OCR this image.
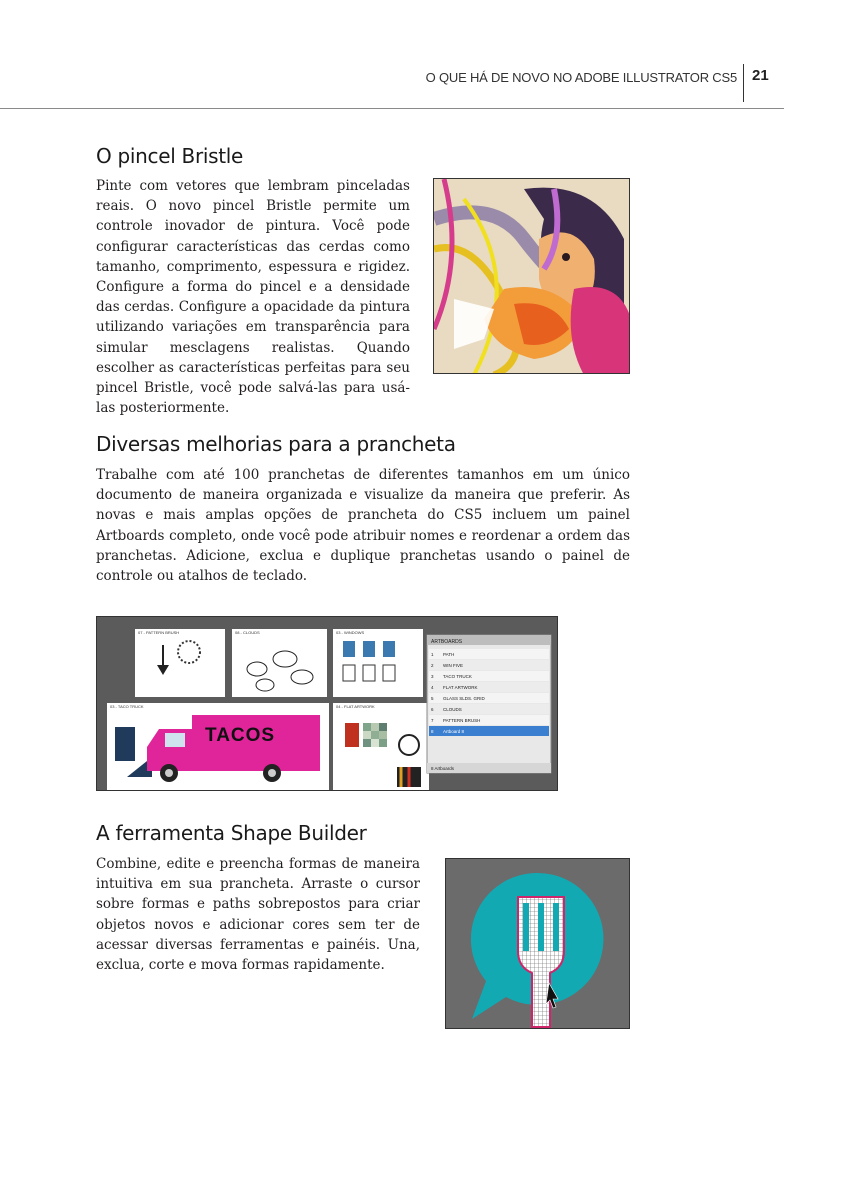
O QUE HÁ DE NOVO NO ADOBE ILLUSTRATOR CS5 21
O pincel Bristle

Pinte com vetores que lembram pinceladas reais. O novo pincel Bristle permite um controle inovador de pintura. Você pode configurar características das cerdas como tamanho, comprimento, espessura e rigidez. Configure a forma do pincel e a densidade das cerdas. Configure a opacidade da pintura utilizando variações em transparência para simular mesclagens realistas. Quando escolher as características perfeitas para seu pincel Bristle, você pode salvá-las para usá-las posteriormente.

Diversas melhorias para a prancheta

Trabalhe com até 100 pranchetas de diferentes tamanhos em um único documento de maneira organizada e visualize da maneira que preferir. As novas e mais amplas opções de prancheta do CS5 incluem um painel Artboards completo, onde você pode atribuir nomes e reordenar a ordem das pranchetas. Adicione, exclua e duplique pranchetas usando o painel de controle ou atalhos de teclado.

07 - PATTERN BRUSH	08 - CLOUDS	03 - WINDOWS
03 - TACO TRUCK
TACOS
04 - FLAT ARTWORK
ARTBOARDS
1 PATH
2 WIN FIVE
3 TACO TRUCK
4 FLAT ARTWORK
5 GLASS SLDS. GRID
6 CLOUDS
7 PATTERN BRUSH
8 Artboard 8
8 Artboards
A ferramenta Shape Builder

Combine, edite e preencha formas de maneira intuitiva em sua prancheta. Arraste o cursor sobre formas e paths sobrepostos para criar objetos novos e adicionar cores sem ter de acessar diversas ferramentas e painéis. Una, exclua, corte e mova formas rapidamente.
